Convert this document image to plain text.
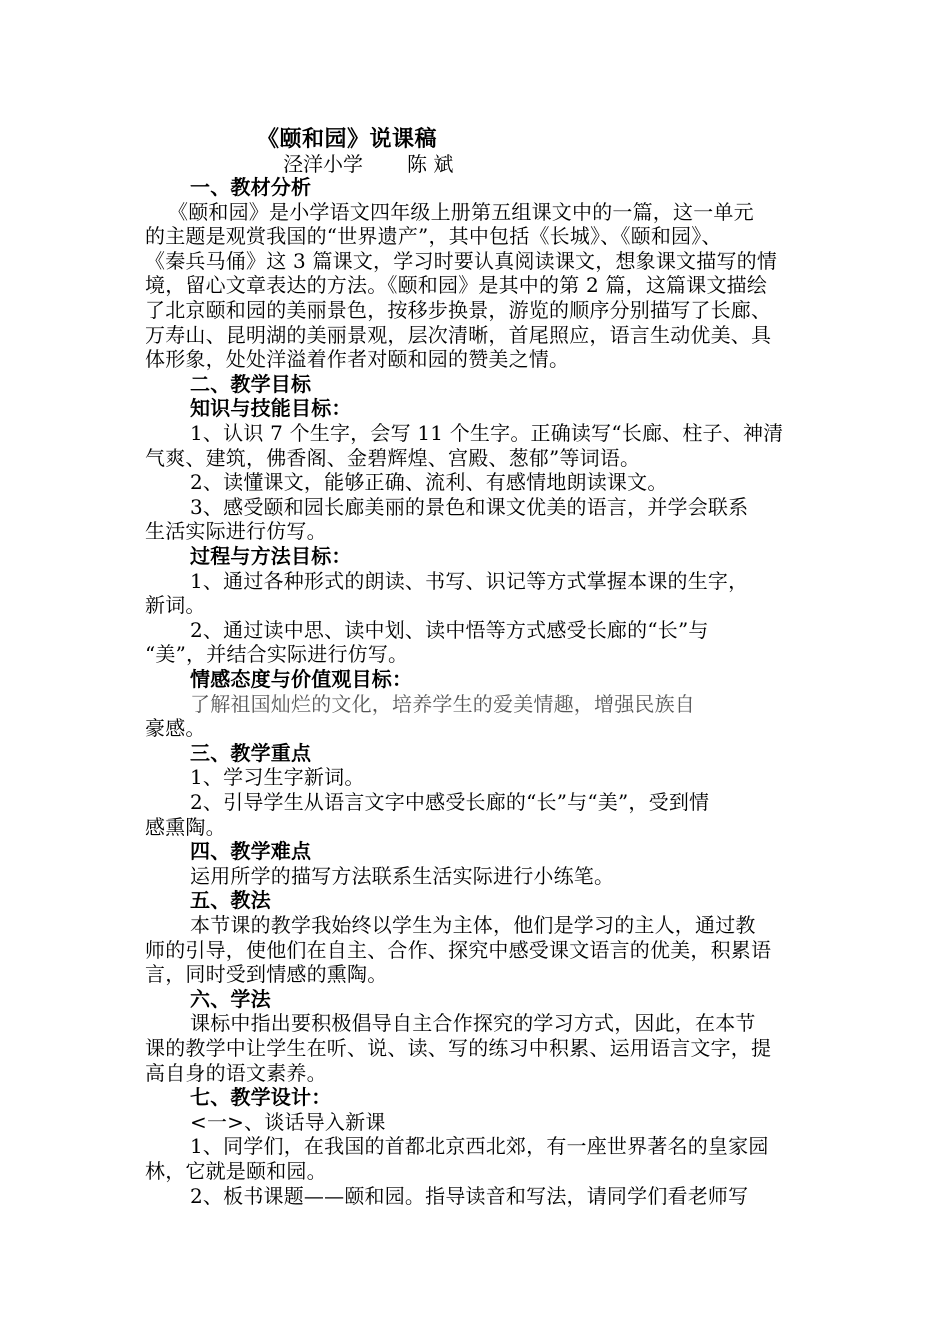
《颐和园》说课稿
泾洋小学 陈 斌
一、教材分析
《颐和园》是小学语文四年级上册第五组课文中的一篇，这一单元
的主题是观赏我国的“世界遗产”，其中包括《长城》、《颐和园》、
《秦兵马俑》这 3 篇课文，学习时要认真阅读课文，想象课文描写的情
境，留心文章表达的方法。《颐和园》是其中的第 2 篇，这篇课文描绘
了北京颐和园的美丽景色，按移步换景，游览的顺序分别描写了长廊、
万寿山、昆明湖的美丽景观，层次清晰，首尾照应，语言生动优美、具
体形象，处处洋溢着作者对颐和园的赞美之情。
二、教学目标
知识与技能目标：
1、认识 7 个生字，会写 11 个生字。正确读写“长廊、柱子、神清
气爽、建筑，佛香阁、金碧辉煌、宫殿、葱郁”等词语。
2、读懂课文，能够正确、流利、有感情地朗读课文。
3、感受颐和园长廊美丽的景色和课文优美的语言，并学会联系
生活实际进行仿写。
过程与方法目标：
1、通过各种形式的朗读、书写、识记等方式掌握本课的生字，
新词。
2、通过读中思、读中划、读中悟等方式感受长廊的“长”与
“美”，并结合实际进行仿写。
情感态度与价值观目标：
了解祖国灿烂的文化，培养学生的爱美情趣，增强民族自
豪感。
三、教学重点
1、学习生字新词。
2、引导学生从语言文字中感受长廊的“长”与“美”，受到情
感熏陶。
四、教学难点
运用所学的描写方法联系生活实际进行小练笔。
五、教法
本节课的教学我始终以学生为主体，他们是学习的主人，通过教
师的引导，使他们在自主、合作、探究中感受课文语言的优美，积累语
言，同时受到情感的熏陶。
六、学法
课标中指出要积极倡导自主合作探究的学习方式，因此，在本节
课的教学中让学生在听、说、读、写的练习中积累、运用语言文字，提
高自身的语文素养。
七、教学设计：
<一>、谈话导入新课
1、同学们，在我国的首都北京西北郊，有一座世界著名的皇家园
林，它就是颐和园。
2、板书课题——颐和园。指导读音和写法，请同学们看老师写
